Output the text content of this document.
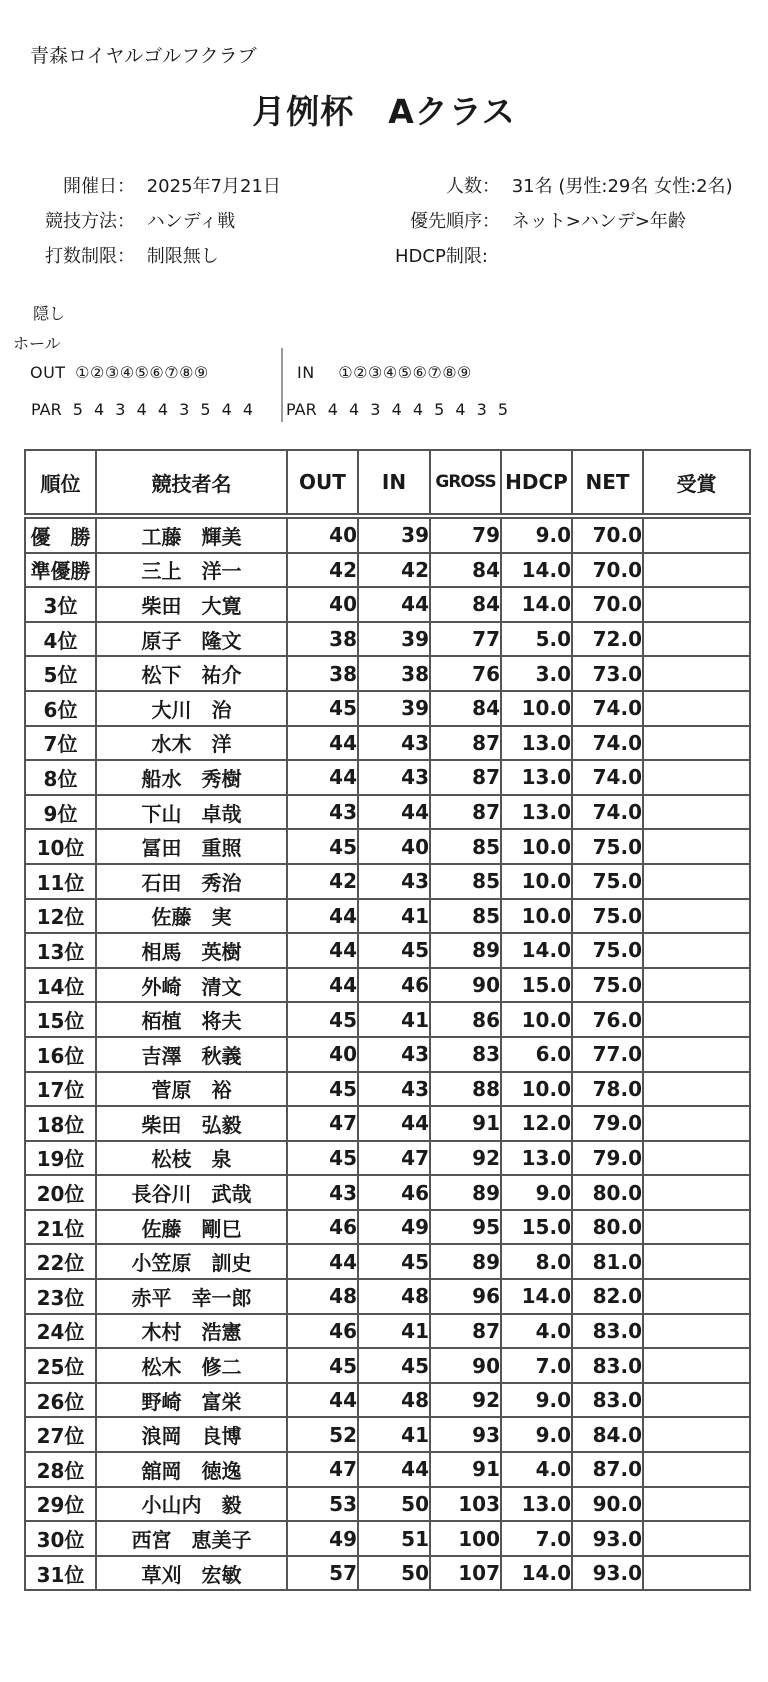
青森ロイヤルゴルフクラブ
月例杯　Aクラス
開催日： 2025年7月21日	人数： 31名 (男性:29名 女性:2名)
競技方法： ハンディ戦	優先順序： ネット>ハンデ>年齢
打数制限： 制限無し	HDCP制限:
隠し
ホール
OUT ①②③④⑤⑥⑦⑧⑨	IN ①②③④⑤⑥⑦⑧⑨
PAR 5 4 3 4 4 3 5 4 4 PAR 4 4 3 4 4 5 4 3 5
順位	競技者名	OUT	IN	GROSS	HDCP	NET	受賞
優　勝	工藤　輝美	40	39	79	9.0	70.0	
準優勝	三上　洋一	42	42	84	14.0	70.0	
3位	柴田　大寛	40	44	84	14.0	70.0	
4位	原子　隆文	38	39	77	5.0	72.0	
5位	松下　祐介	38	38	76	3.0	73.0	
6位	大川　治	45	39	84	10.0	74.0	
7位	水木　洋	44	43	87	13.0	74.0	
8位	船水　秀樹	44	43	87	13.0	74.0	
9位	下山　卓哉	43	44	87	13.0	74.0	
10位	冨田　重照	45	40	85	10.0	75.0	
11位	石田　秀治	42	43	85	10.0	75.0	
12位	佐藤　実	44	41	85	10.0	75.0	
13位	相馬　英樹	44	45	89	14.0	75.0	
14位	外崎　清文	44	46	90	15.0	75.0	
15位	栢植　将夫	45	41	86	10.0	76.0	
16位	吉澤　秋義	40	43	83	6.0	77.0	
17位	菅原　裕	45	43	88	10.0	78.0	
18位	柴田　弘毅	47	44	91	12.0	79.0	
19位	松枝　泉	45	47	92	13.0	79.0	
20位	長谷川　武哉	43	46	89	9.0	80.0	
21位	佐藤　剛巳	46	49	95	15.0	80.0	
22位	小笠原　訓史	44	45	89	8.0	81.0	
23位	赤平　幸一郎	48	48	96	14.0	82.0	
24位	木村　浩憲	46	41	87	4.0	83.0	
25位	松木　修二	45	45	90	7.0	83.0	
26位	野崎　富栄	44	48	92	9.0	83.0	
27位	浪岡　良博	52	41	93	9.0	84.0	
28位	舘岡　徳逸	47	44	91	4.0	87.0	
29位	小山内　毅	53	50	103	13.0	90.0	
30位	西宮　恵美子	49	51	100	7.0	93.0	
31位	草刈　宏敏	57	50	107	14.0	93.0	
